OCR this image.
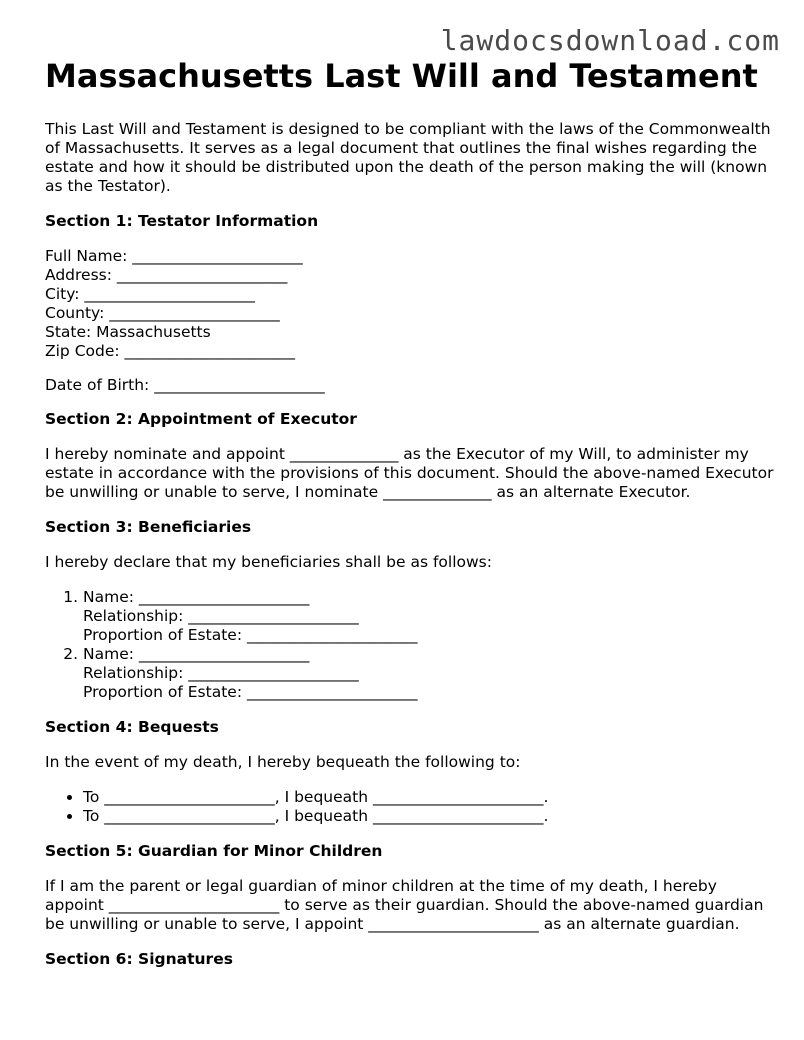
lawdocsdownload.com
Massachusetts Last Will and Testament

This Last Will and Testament is designed to be compliant with the laws of the Commonwealth of Massachusetts. It serves as a legal document that outlines the final wishes regarding the estate and how it should be distributed upon the death of the person making the will (known as the Testator).

Section 1: Testator Information
Full Name: ______________________
Address: ______________________
City: ______________________
County: ______________________
State: Massachusetts
Zip Code: ______________________
Date of Birth: ______________________
Section 2: Appointment of Executor

I hereby nominate and appoint ______________ as the Executor of my Will, to administer my estate in accordance with the provisions of this document. Should the above-named Executor be unwilling or unable to serve, I nominate ______________ as an alternate Executor.

Section 3: Beneficiaries

I hereby declare that my beneficiaries shall be as follows:

1. Name: ______________________
Relationship: ______________________
Proportion of Estate: ______________________
2. Name: ______________________
Relationship: ______________________
Proportion of Estate: ______________________
Section 4: Bequests

In the event of my death, I hereby bequeath the following to:

• To ______________________, I bequeath ______________________.
• To ______________________, I bequeath ______________________.
Section 5: Guardian for Minor Children

If I am the parent or legal guardian of minor children at the time of my death, I hereby appoint ______________________ to serve as their guardian. Should the above-named guardian be unwilling or unable to serve, I appoint ______________________ as an alternate guardian.

Section 6: Signatures
